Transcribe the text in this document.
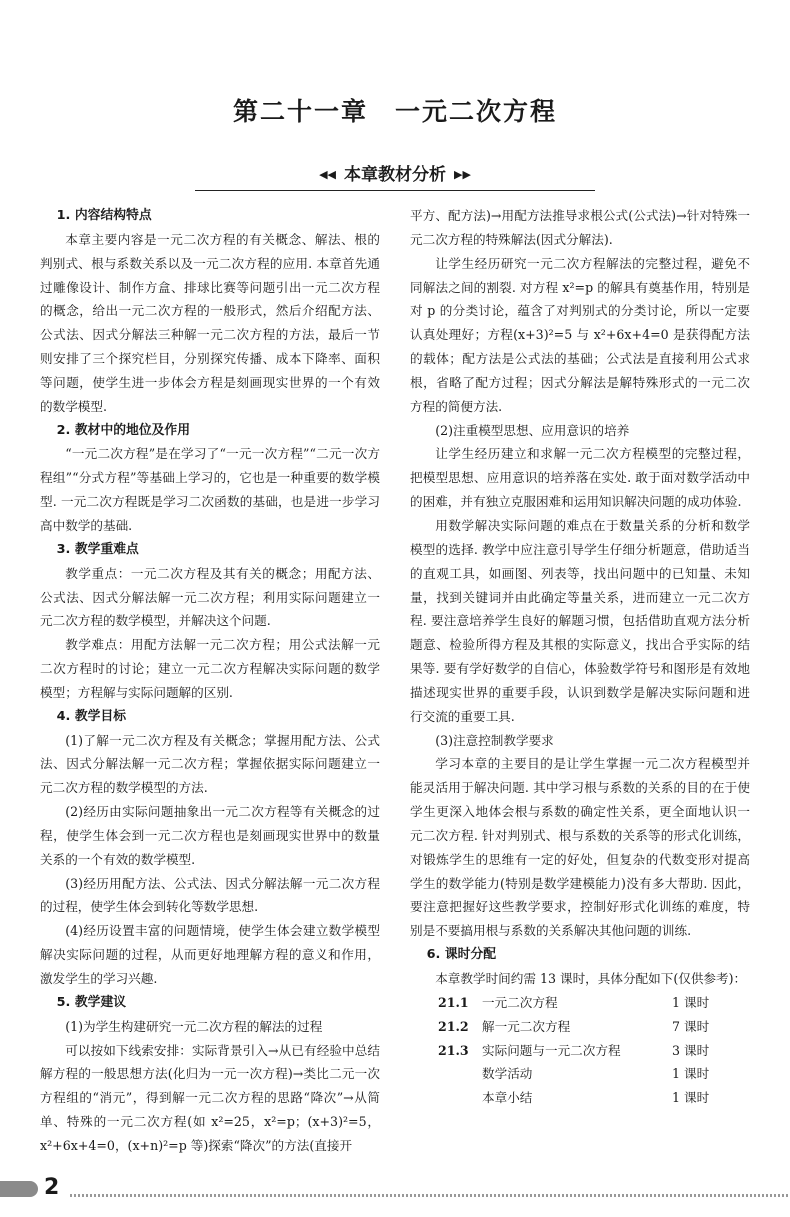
第二十一章　一元二次方程
◀◀ 本章教材分析 ▶▶
1. 内容结构特点

本章主要内容是一元二次方程的有关概念、解法、根的判别式、根与系数关系以及一元二次方程的应用. 本章首先通过雕像设计、制作方盒、排球比赛等问题引出一元二次方程的概念，给出一元二次方程的一般形式，然后介绍配方法、公式法、因式分解法三种解一元二次方程的方法，最后一节则安排了三个探究栏目，分别探究传播、成本下降率、面积等问题，使学生进一步体会方程是刻画现实世界的一个有效的数学模型.

2. 教材中的地位及作用

“一元二次方程”是在学习了“一元一次方程”“二元一次方程组”“分式方程”等基础上学习的，它也是一种重要的数学模型. 一元二次方程既是学习二次函数的基础，也是进一步学习高中数学的基础.

3. 教学重难点

教学重点：一元二次方程及其有关的概念；用配方法、公式法、因式分解法解一元二次方程；利用实际问题建立一元二次方程的数学模型，并解决这个问题.

教学难点：用配方法解一元二次方程；用公式法解一元二次方程时的讨论；建立一元二次方程解决实际问题的数学模型；方程解与实际问题解的区别.

4. 教学目标

(1)了解一元二次方程及有关概念；掌握用配方法、公式法、因式分解法解一元二次方程；掌握依据实际问题建立一元二次方程的数学模型的方法.

(2)经历由实际问题抽象出一元二次方程等有关概念的过程，使学生体会到一元二次方程也是刻画现实世界中的数量关系的一个有效的数学模型.

(3)经历用配方法、公式法、因式分解法解一元二次方程的过程，使学生体会到转化等数学思想.

(4)经历设置丰富的问题情境，使学生体会建立数学模型解决实际问题的过程，从而更好地理解方程的意义和作用，激发学生的学习兴趣.

5. 教学建议

(1)为学生构建研究一元二次方程的解法的过程

可以按如下线索安排：实际背景引入→从已有经验中总结解方程的一般思想方法(化归为一元一次方程)→类比二元一次方程组的“消元”，得到解一元二次方程的思路“降次”→从简单、特殊的一元二次方程(如 x²=25，x²=p；(x+3)²=5，x²+6x+4=0，(x+n)²=p 等)探索“降次”的方法(直接开

平方、配方法)→用配方法推导求根公式(公式法)→针对特殊一元二次方程的特殊解法(因式分解法).

让学生经历研究一元二次方程解法的完整过程，避免不同解法之间的割裂. 对方程 x²=p 的解具有奠基作用，特别是对 p 的分类讨论，蕴含了对判别式的分类讨论，所以一定要认真处理好；方程(x+3)²=5 与 x²+6x+4=0 是获得配方法的载体；配方法是公式法的基础；公式法是直接利用公式求根，省略了配方过程；因式分解法是解特殊形式的一元二次方程的简便方法.

(2)注重模型思想、应用意识的培养

让学生经历建立和求解一元二次方程模型的完整过程，把模型思想、应用意识的培养落在实处. 敢于面对数学活动中的困难，并有独立克服困难和运用知识解决问题的成功体验.

用数学解决实际问题的难点在于数量关系的分析和数学模型的选择. 教学中应注意引导学生仔细分析题意，借助适当的直观工具，如画图、列表等，找出问题中的已知量、未知量，找到关键词并由此确定等量关系，进而建立一元二次方程. 要注意培养学生良好的解题习惯，包括借助直观方法分析题意、检验所得方程及其根的实际意义，找出合乎实际的结果等. 要有学好数学的自信心，体验数学符号和图形是有效地描述现实世界的重要手段，认识到数学是解决实际问题和进行交流的重要工具.

(3)注意控制教学要求

学习本章的主要目的是让学生掌握一元二次方程模型并能灵活用于解决问题. 其中学习根与系数的关系的目的在于使学生更深入地体会根与系数的确定性关系，更全面地认识一元二次方程. 针对判别式、根与系数的关系等的形式化训练，对锻炼学生的思维有一定的好处，但复杂的代数变形对提高学生的数学能力(特别是数学建模能力)没有多大帮助. 因此，要注意把握好这些教学要求，控制好形式化训练的难度，特别是不要搞用根与系数的关系解决其他问题的训练.

6. 课时分配

本章教学时间约需 13 课时，具体分配如下(仅供参考)：

21.1	一元二次方程	1 课时
21.2	解一元二次方程	7 课时
21.3	实际问题与一元二次方程	3 课时
	数学活动	1 课时
	本章小结	1 课时
2
